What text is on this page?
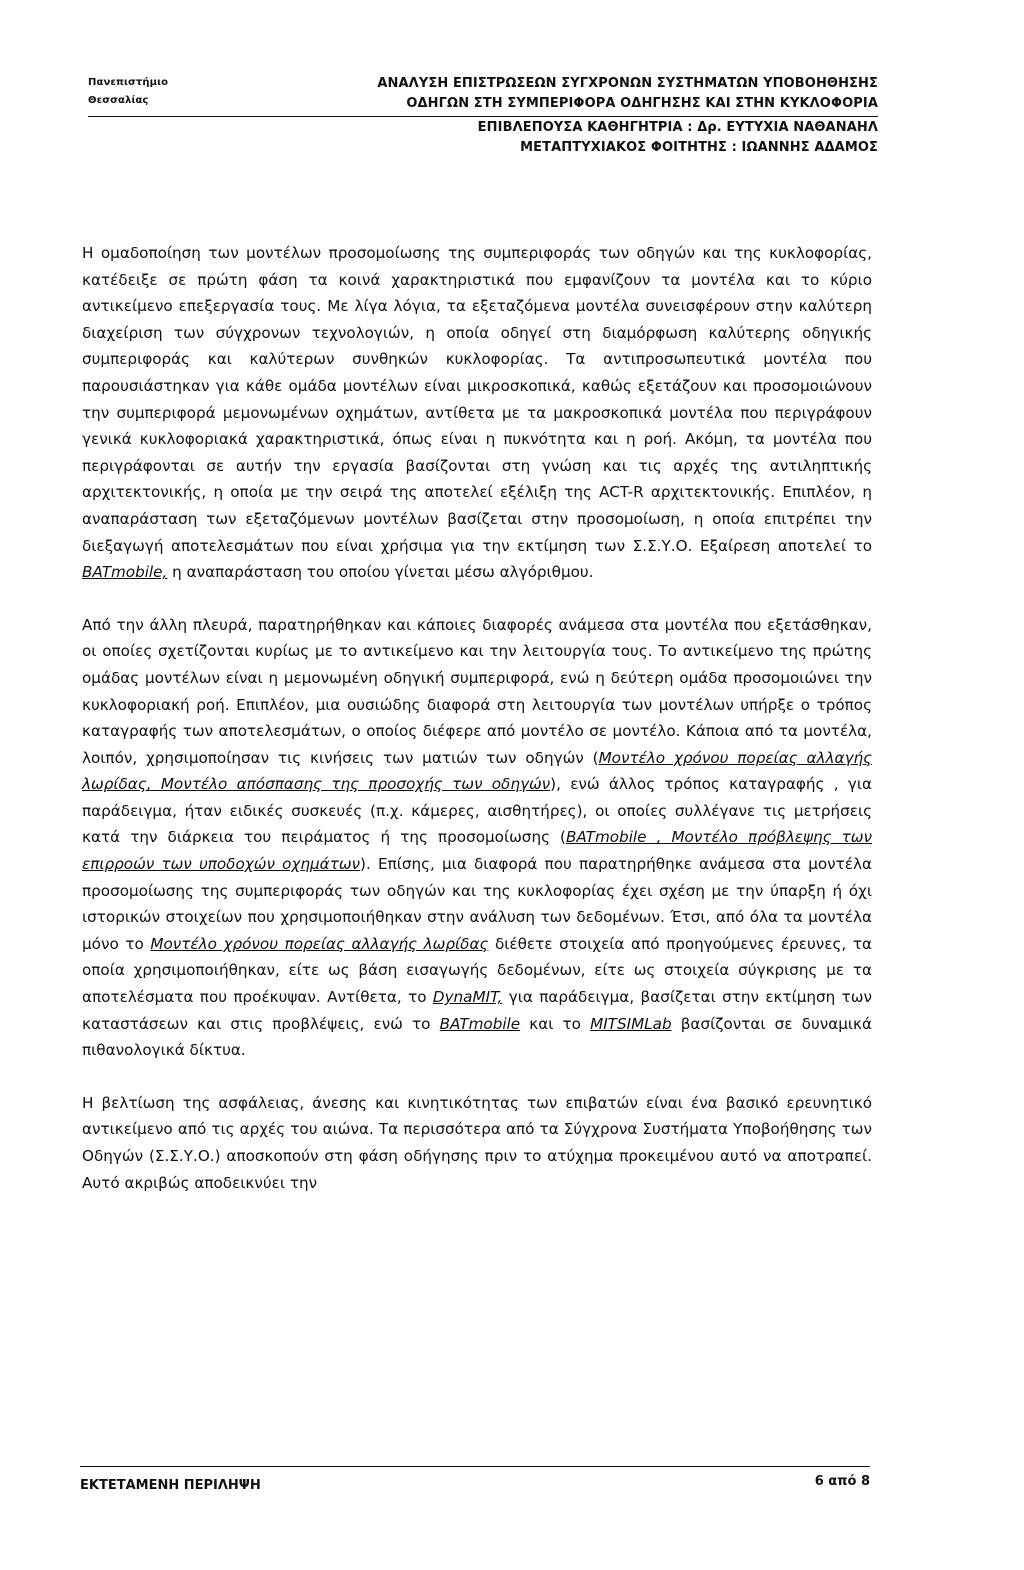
Πανεπιστήμιο
Θεσσαλίας
ΑΝΑΛΥΣΗ ΕΠΙΣΤΡΩΣΕΩΝ ΣΥΓΧΡΟΝΩΝ ΣΥΣΤΗΜΑΤΩΝ ΥΠΟΒΟΗΘΗΣΗΣ
ΟΔΗΓΩΝ ΣΤΗ ΣΥΜΠΕΡΙΦΟΡΑ ΟΔΗΓΗΣΗΣ ΚΑΙ ΣΤΗΝ ΚΥΚΛΟΦΟΡΙΑ
ΕΠΙΒΛΕΠΟΥΣΑ ΚΑΘΗΓΗΤΡΙΑ : Δρ. ΕΥΤΥΧΙΑ ΝΑΘΑΝΑΗΛ
ΜΕΤΑΠΤΥΧΙΑΚΟΣ ΦΟΙΤΗΤΗΣ : ΙΩΑΝΝΗΣ ΑΔΑΜΟΣ

Η ομαδοποίηση των μοντέλων προσομοίωσης της συμπεριφοράς των οδηγών και της κυκλοφορίας, κατέδειξε σε πρώτη φάση τα κοινά χαρακτηριστικά που εμφανίζουν τα μοντέλα και το κύριο αντικείμενο επεξεργασία τους. Με λίγα λόγια, τα εξεταζόμενα μοντέλα συνεισφέρουν στην καλύτερη διαχείριση των σύγχρονων τεχνολογιών, η οποία οδηγεί στη διαμόρφωση καλύτερης οδηγικής συμπεριφοράς και καλύτερων συνθηκών κυκλοφορίας. Τα αντιπροσωπευτικά μοντέλα που παρουσιάστηκαν για κάθε ομάδα μοντέλων είναι μικροσκοπικά, καθώς εξετάζουν και προσομοιώνουν την συμπεριφορά μεμονωμένων οχημάτων, αντίθετα με τα μακροσκοπικά μοντέλα που περιγράφουν γενικά κυκλοφοριακά χαρακτηριστικά, όπως είναι η πυκνότητα και η ροή. Ακόμη, τα μοντέλα που περιγράφονται σε αυτήν την εργασία βασίζονται στη γνώση και τις αρχές της αντιληπτικής αρχιτεκτονικής, η οποία με την σειρά της αποτελεί εξέλιξη της ACT-R αρχιτεκτονικής. Επιπλέον, η αναπαράσταση των εξεταζόμενων μοντέλων βασίζεται στην προσομοίωση, η οποία επιτρέπει την διεξαγωγή αποτελεσμάτων που είναι χρήσιμα για την εκτίμηση των Σ.Σ.Υ.Ο. Εξαίρεση αποτελεί το BATmobile, η αναπαράσταση του οποίου γίνεται μέσω αλγόριθμου.

Από την άλλη πλευρά, παρατηρήθηκαν και κάποιες διαφορές ανάμεσα στα μοντέλα που εξετάσθηκαν, οι οποίες σχετίζονται κυρίως με το αντικείμενο και την λειτουργία τους. Το αντικείμενο της πρώτης ομάδας μοντέλων είναι η μεμονωμένη οδηγική συμπεριφορά, ενώ η δεύτερη ομάδα προσομοιώνει την κυκλοφοριακή ροή. Επιπλέον, μια ουσιώδης διαφορά στη λειτουργία των μοντέλων υπήρξε ο τρόπος καταγραφής των αποτελεσμάτων, ο οποίος διέφερε από μοντέλο σε μοντέλο. Κάποια από τα μοντέλα, λοιπόν, χρησιμοποίησαν τις κινήσεις των ματιών των οδηγών (Μοντέλο χρόνου πορείας αλλαγής λωρίδας, Μοντέλο απόσπασης της προσοχής των οδηγών), ενώ άλλος τρόπος καταγραφής , για παράδειγμα, ήταν ειδικές συσκευές (π.χ. κάμερες, αισθητήρες), οι οποίες συλλέγανε τις μετρήσεις κατά την διάρκεια του πειράματος ή της προσομοίωσης (BATmobile , Μοντέλο πρόβλεψης των επιρροών των υποδοχών οχημάτων). Επίσης, μια διαφορά που παρατηρήθηκε ανάμεσα στα μοντέλα προσομοίωσης της συμπεριφοράς των οδηγών και της κυκλοφορίας έχει σχέση με την ύπαρξη ή όχι ιστορικών στοιχείων που χρησιμοποιήθηκαν στην ανάλυση των δεδομένων. Έτσι, από όλα τα μοντέλα μόνο το Μοντέλο χρόνου πορείας αλλαγής λωρίδας διέθετε στοιχεία από προηγούμενες έρευνες, τα οποία χρησιμοποιήθηκαν, είτε ως βάση εισαγωγής δεδομένων, είτε ως στοιχεία σύγκρισης με τα αποτελέσματα που προέκυψαν. Αντίθετα, το DynaMIT, για παράδειγμα, βασίζεται στην εκτίμηση των καταστάσεων και στις προβλέψεις, ενώ το BATmobile και το MITSIMLab βασίζονται σε δυναμικά πιθανολογικά δίκτυα.

Η βελτίωση της ασφάλειας, άνεσης και κινητικότητας των επιβατών είναι ένα βασικό ερευνητικό αντικείμενο από τις αρχές του αιώνα. Τα περισσότερα από τα Σύγχρονα Συστήματα Υποβοήθησης των Οδηγών (Σ.Σ.Υ.Ο.) αποσκοπούν στη φάση οδήγησης πριν το ατύχημα προκειμένου αυτό να αποτραπεί. Αυτό ακριβώς αποδεικνύει την

ΕΚΤΕΤΑΜΕΝΗ ΠΕΡΙΛΗΨΗ	6 από 8
